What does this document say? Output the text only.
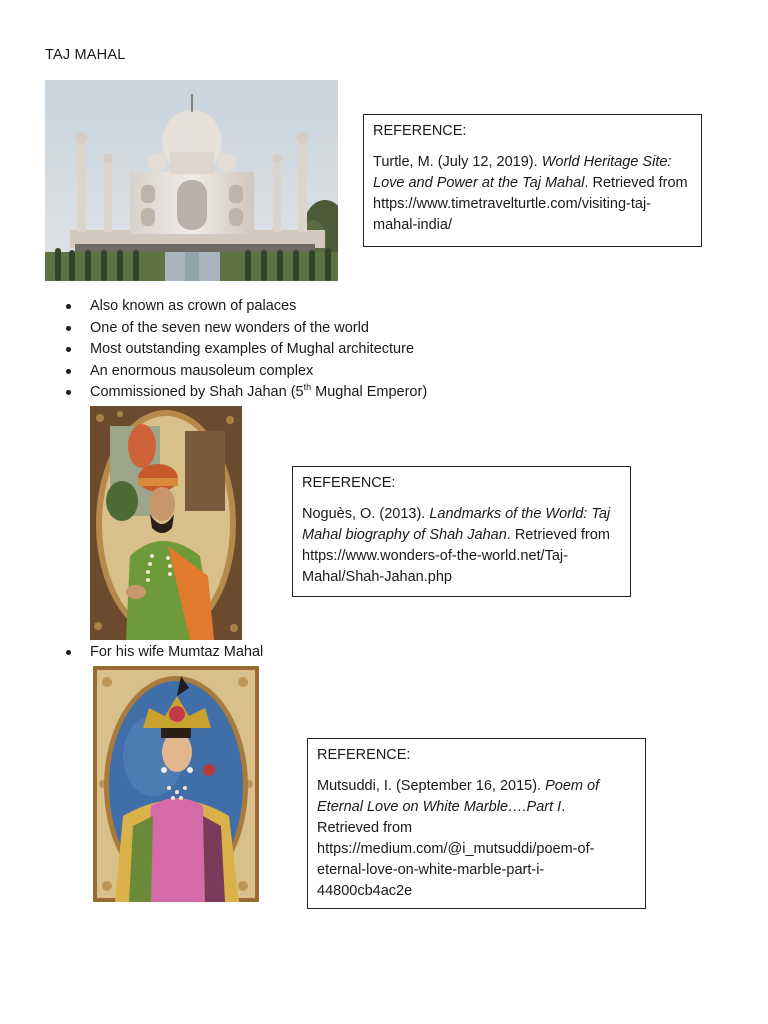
TAJ MAHAL
REFERENCE:
Turtle, M. (July 12, 2019). World Heritage Site: Love and Power at the Taj Mahal. Retrieved from https://www.timetravelturtle.com/visiting-taj-mahal-india/
Also known as crown of palaces
One of the seven new wonders of the world
Most outstanding examples of Mughal architecture
An enormous mausoleum complex
Commissioned by Shah Jahan (5th Mughal Emperor)
REFERENCE:
Noguès, O. (2013). Landmarks of the World: Taj Mahal biography of Shah Jahan. Retrieved from https://www.wonders-of-the-world.net/Taj-Mahal/Shah-Jahan.php
For his wife Mumtaz Mahal
REFERENCE:
Mutsuddi, I. (September 16, 2015). Poem of Eternal Love on White Marble….Part I. Retrieved from https://medium.com/@i_mutsuddi/poem-of-eternal-love-on-white-marble-part-i-44800cb4ac2e
